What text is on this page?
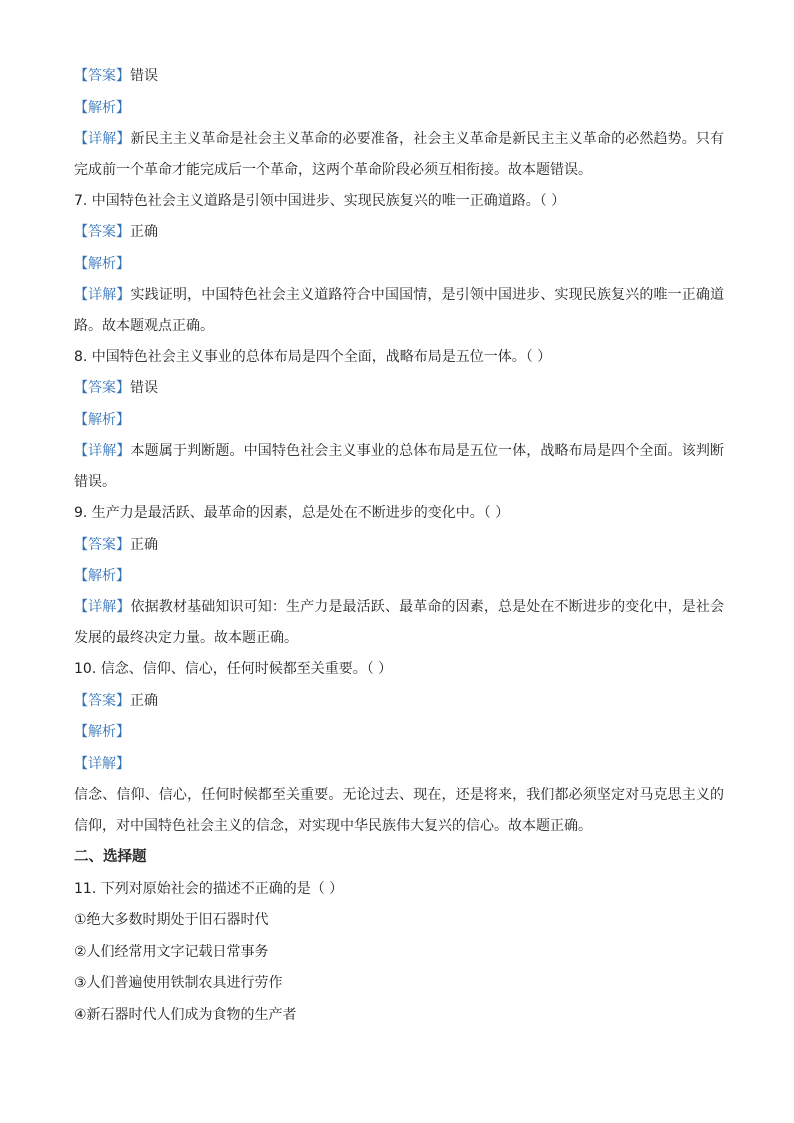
【答案】错误
【解析】
【详解】新民主主义革命是社会主义革命的必要准备，社会主义革命是新民主主义革命的必然趋势。只有完成前一个革命才能完成后一个革命，这两个革命阶段必须互相衔接。故本题错误。
7. 中国特色社会主义道路是引领中国进步、实现民族复兴的唯一正确道路。（ ）
【答案】正确
【解析】
【详解】实践证明，中国特色社会主义道路符合中国国情，是引领中国进步、实现民族复兴的唯一正确道路。故本题观点正确。
8. 中国特色社会主义事业的总体布局是四个全面，战略布局是五位一体。（ ）
【答案】错误
【解析】
【详解】本题属于判断题。中国特色社会主义事业的总体布局是五位一体，战略布局是四个全面。该判断错误。
9. 生产力是最活跃、最革命的因素，总是处在不断进步的变化中。（ ）
【答案】正确
【解析】
【详解】依据教材基础知识可知：生产力是最活跃、最革命的因素，总是处在不断进步的变化中，是社会发展的最终决定力量。故本题正确。
10. 信念、信仰、信心，任何时候都至关重要。（ ）
【答案】正确
【解析】
【详解】
信念、信仰、信心，任何时候都至关重要。无论过去、现在，还是将来，我们都必须坚定对马克思主义的信仰，对中国特色社会主义的信念，对实现中华民族伟大复兴的信心。故本题正确。
二、选择题
11. 下列对原始社会的描述不正确的是（ ）
①绝大多数时期处于旧石器时代
②人们经常用文字记载日常事务
③人们普遍使用铁制农具进行劳作
④新石器时代人们成为食物的生产者
